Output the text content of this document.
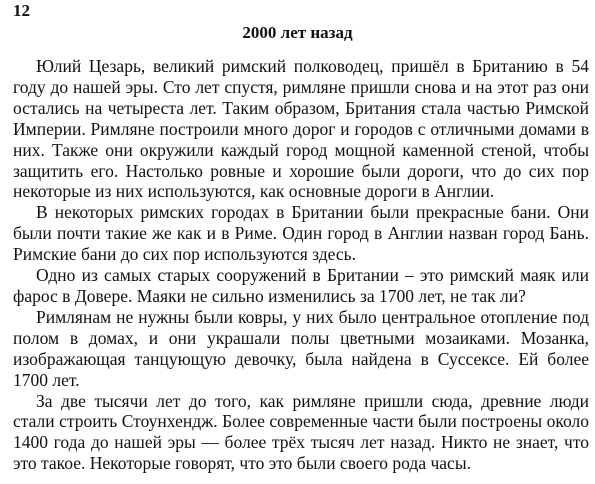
12
2000 лет назад

Юлий Цезарь, великий римский полководец, пришёл в Британию в 54 году до нашей эры. Сто лет спустя, римляне пришли снова и на этот раз они остались на четыреста лет. Таким образом, Британия стала частью Римской Империи. Римляне построили много дорог и городов с отличными домами в них. Также они окружили каждый город мощной каменной стеной, чтобы защитить его. Настолько ровные и хорошие были дороги, что до сих пор некоторые из них используются, как основные дороги в Англии.

В некоторых римских городах в Британии были прекрасные бани. Они были почти такие же как и в Риме. Один город в Англии назван город Бань. Римские бани до сих пор используются здесь.

Одно из самых старых сооружений в Британии – это римский маяк или фарос в Довере. Маяки не сильно изменились за 1700 лет, не так ли?

Римлянам не нужны были ковры, у них было центральное отопление под полом в домах, и они украшали полы цветными мозаиками. Мозанка, изображающая танцующую девочку, была найдена в Суссексе. Ей более 1700 лет.

За две тысячи лет до того, как римляне пришли сюда, древние люди стали строить Стоунхендж. Более современные части были построены около 1400 года до нашей эры — более трёх тысяч лет назад. Никто не знает, что это такое. Некоторые говорят, что это были своего рода часы.
